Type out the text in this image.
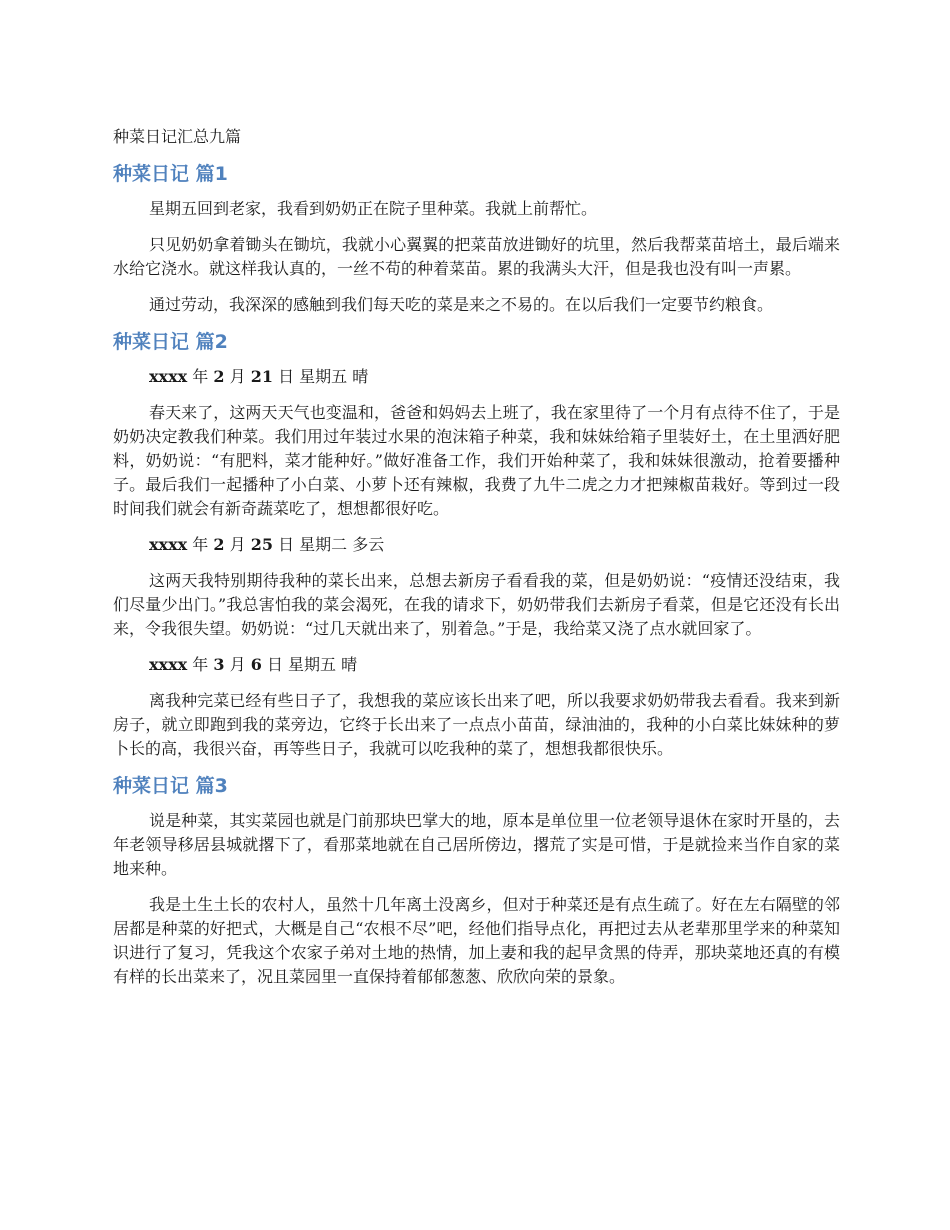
种菜日记汇总九篇
种菜日记 篇1

星期五回到老家，我看到奶奶正在院子里种菜。我就上前帮忙。

只见奶奶拿着锄头在锄坑，我就小心翼翼的把菜苗放进锄好的坑里，然后我帮菜苗培土，最后端来水给它浇水。就这样我认真的，一丝不苟的种着菜苗。累的我满头大汗，但是我也没有叫一声累。

通过劳动，我深深的感触到我们每天吃的菜是来之不易的。在以后我们一定要节约粮食。

种菜日记 篇2
xxxx 年 2 月 21 日 星期五 晴

春天来了，这两天天气也变温和，爸爸和妈妈去上班了，我在家里待了一个月有点待不住了，于是奶奶决定教我们种菜。我们用过年装过水果的泡沫箱子种菜，我和妹妹给箱子里装好土，在土里洒好肥料，奶奶说：“有肥料，菜才能种好。”做好准备工作，我们开始种菜了，我和妹妹很激动，抢着要播种子。最后我们一起播种了小白菜、小萝卜还有辣椒，我费了九牛二虎之力才把辣椒苗栽好。等到过一段时间我们就会有新奇蔬菜吃了，想想都很好吃。

xxxx 年 2 月 25 日 星期二 多云

这两天我特别期待我种的菜长出来，总想去新房子看看我的菜，但是奶奶说：“疫情还没结束，我们尽量少出门。”我总害怕我的菜会渴死，在我的请求下，奶奶带我们去新房子看菜，但是它还没有长出来，令我很失望。奶奶说：“过几天就出来了，别着急。”于是，我给菜又浇了点水就回家了。

xxxx 年 3 月 6 日 星期五 晴

离我种完菜已经有些日子了，我想我的菜应该长出来了吧，所以我要求奶奶带我去看看。我来到新房子，就立即跑到我的菜旁边，它终于长出来了一点点小苗苗，绿油油的，我种的小白菜比妹妹种的萝卜长的高，我很兴奋，再等些日子，我就可以吃我种的菜了，想想我都很快乐。

种菜日记 篇3

说是种菜，其实菜园也就是门前那块巴掌大的地，原本是单位里一位老领导退休在家时开垦的，去年老领导移居县城就撂下了，看那菜地就在自己居所傍边，撂荒了实是可惜，于是就捡来当作自家的菜地来种。

我是土生土长的农村人，虽然十几年离土没离乡，但对于种菜还是有点生疏了。好在左右隔壁的邻居都是种菜的好把式，大概是自己“农根不尽”吧，经他们指导点化，再把过去从老辈那里学来的种菜知识进行了复习，凭我这个农家子弟对土地的热情，加上妻和我的起早贪黑的侍弄，那块菜地还真的有模有样的长出菜来了，况且菜园里一直保持着郁郁葱葱、欣欣向荣的景象。
